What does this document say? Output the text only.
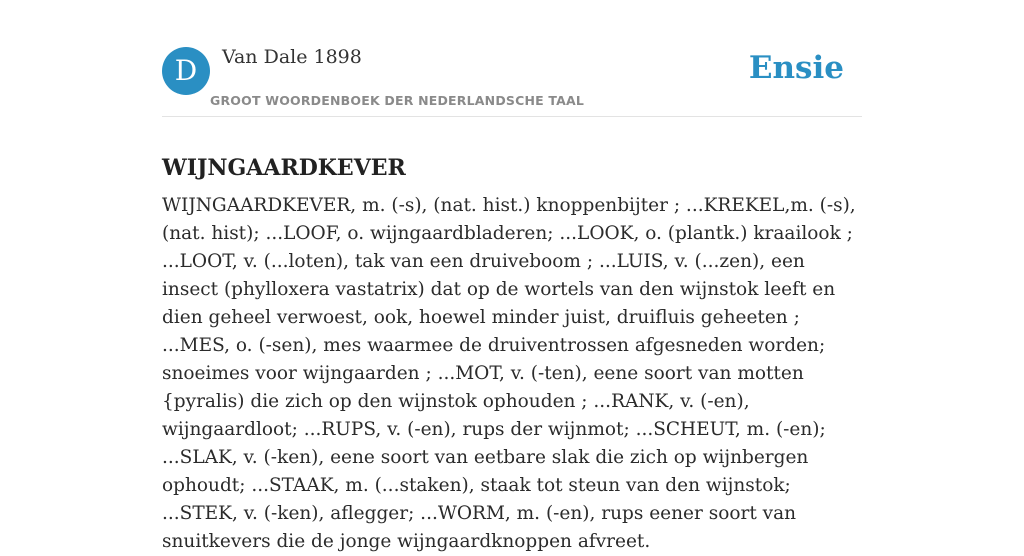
D	Van Dale 1898
GROOT WOORDENBOEK DER NEDERLANDSCHE TAAL
Ensie
WIJNGAARDKEVER

WIJNGAARDKEVER, m. (-s), (nat. hist.) knoppenbijter ; ...KREKEL,m. (-s), (nat. hist); ...LOOF, o. wijngaardbladeren; ...LOOK, o. (plantk.) kraailook ; ...LOOT, v. (...loten), tak van een druiveboom ; ...LUIS, v. (...zen), een insect (phylloxera vastatrix) dat op de wortels van den wijnstok leeft en dien geheel verwoest, ook, hoewel minder juist, druifluis geheeten ; ...MES, o. (-sen), mes waarmee de druiventrossen afgesneden worden; snoeimes voor wijngaarden ; ...MOT, v. (-ten), eene soort van motten {pyralis) die zich op den wijnstok ophouden ; ...RANK, v. (-en), wijngaardloot; ...RUPS, v. (-en), rups der wijnmot; ...SCHEUT, m. (-en); ...SLAK, v. (-ken), eene soort van eetbare slak die zich op wijnbergen ophoudt; ...STAAK, m. (...staken), staak tot steun van den wijnstok; ...STEK, v. (-ken), aflegger; ...WORM, m. (-en), rups eener soort van snuitkevers die de jonge wijngaardknoppen afvreet.
